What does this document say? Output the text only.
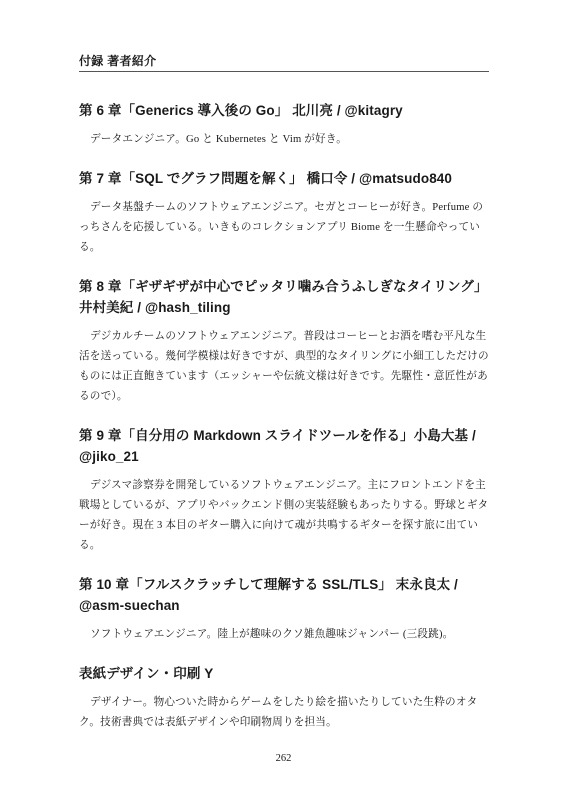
付録 著者紹介

第 6 章「Generics 導入後の Go」 北川亮 / @kitagry

データエンジニア。Go と Kubernetes と Vim が好き。

第 7 章「SQL でグラフ問題を解く」 橋口令 / @matsudo840

データ基盤チームのソフトウェアエンジニア。セガとコーヒーが好き。Perfume のっちさんを応援している。いきものコレクションアプリ Biome を一生懸命やっている。

第 8 章「ギザギザが中心でピッタリ噛み合うふしぎなタイリング」 井村美紀 / @hash_tiling

デジカルチームのソフトウェアエンジニア。普段はコーヒーとお酒を嗜む平凡な生活を送っている。幾何学模様は好きですが、典型的なタイリングに小細工しただけのものには正直飽きています（エッシャーや伝統文様は好きです。先駆性・意匠性があるので）。

第 9 章「自分用の Markdown スライドツールを作る」小島大基 / @jiko_21

デジスマ診察券を開発しているソフトウェアエンジニア。主にフロントエンドを主戦場としているが、アプリやバックエンド側の実装経験もあったりする。野球とギターが好き。現在 3 本目のギター購入に向けて魂が共鳴するギターを探す旅に出ている。

第 10 章「フルスクラッチして理解する SSL/TLS」 末永良太 / @asm-suechan

ソフトウェアエンジニア。陸上が趣味のクソ雑魚趣味ジャンパー (三段跳)。

表紙デザイン・印刷 Y

デザイナー。物心ついた時からゲームをしたり絵を描いたりしていた生粋のオタク。技術書典では表紙デザインや印刷物周りを担当。

262
